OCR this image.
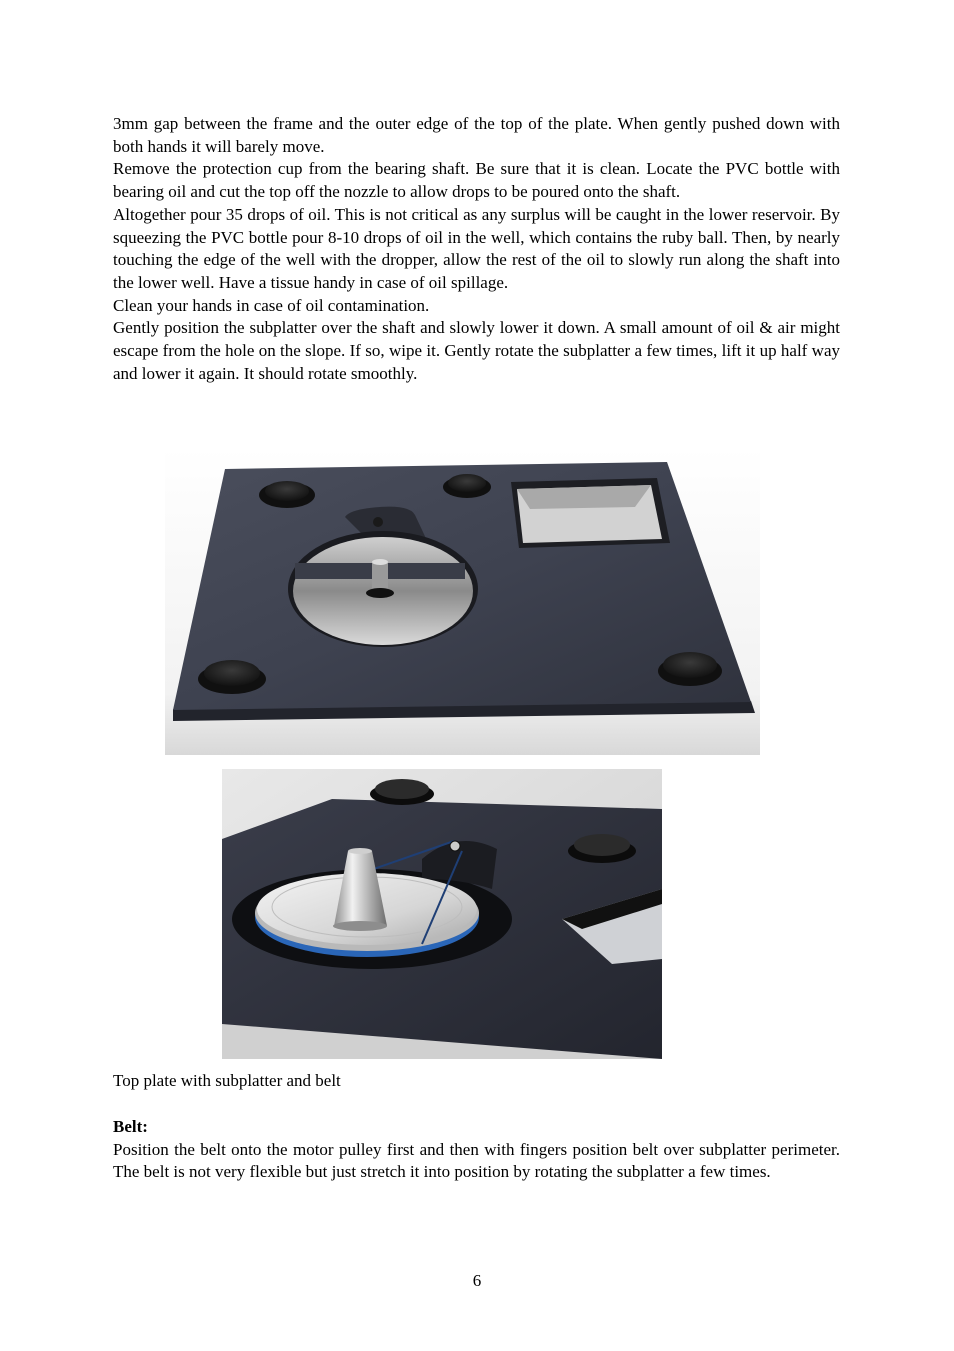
3mm gap between the frame and the outer edge of the top of the plate. When gently pushed down with both hands it will barely move.

Remove the protection cup from the bearing shaft. Be sure that it is clean. Locate the PVC bottle with bearing oil and cut the top off the nozzle to allow drops to be poured onto the shaft.

Altogether pour 35 drops of oil. This is not critical as any surplus will be caught in the lower reservoir. By squeezing the PVC bottle pour 8-10 drops of oil in the well, which contains the ruby ball. Then, by nearly touching the edge of the well with the dropper, allow the rest of the oil to slowly run along the shaft into the lower well. Have a tissue handy in case of oil spillage.

Clean your hands in case of oil contamination.

Gently position the subplatter over the shaft and slowly lower it down. A small amount of oil & air might escape from the hole on the slope. If so, wipe it. Gently rotate the subplatter a few times, lift it up half way and lower it again. It should rotate smoothly.

Top plate with subplatter and belt

Belt:

Position the belt onto the motor pulley first and then with fingers position belt over subplatter perimeter. The belt is not very flexible but just stretch it into position by rotating the subplatter a few times.

6
